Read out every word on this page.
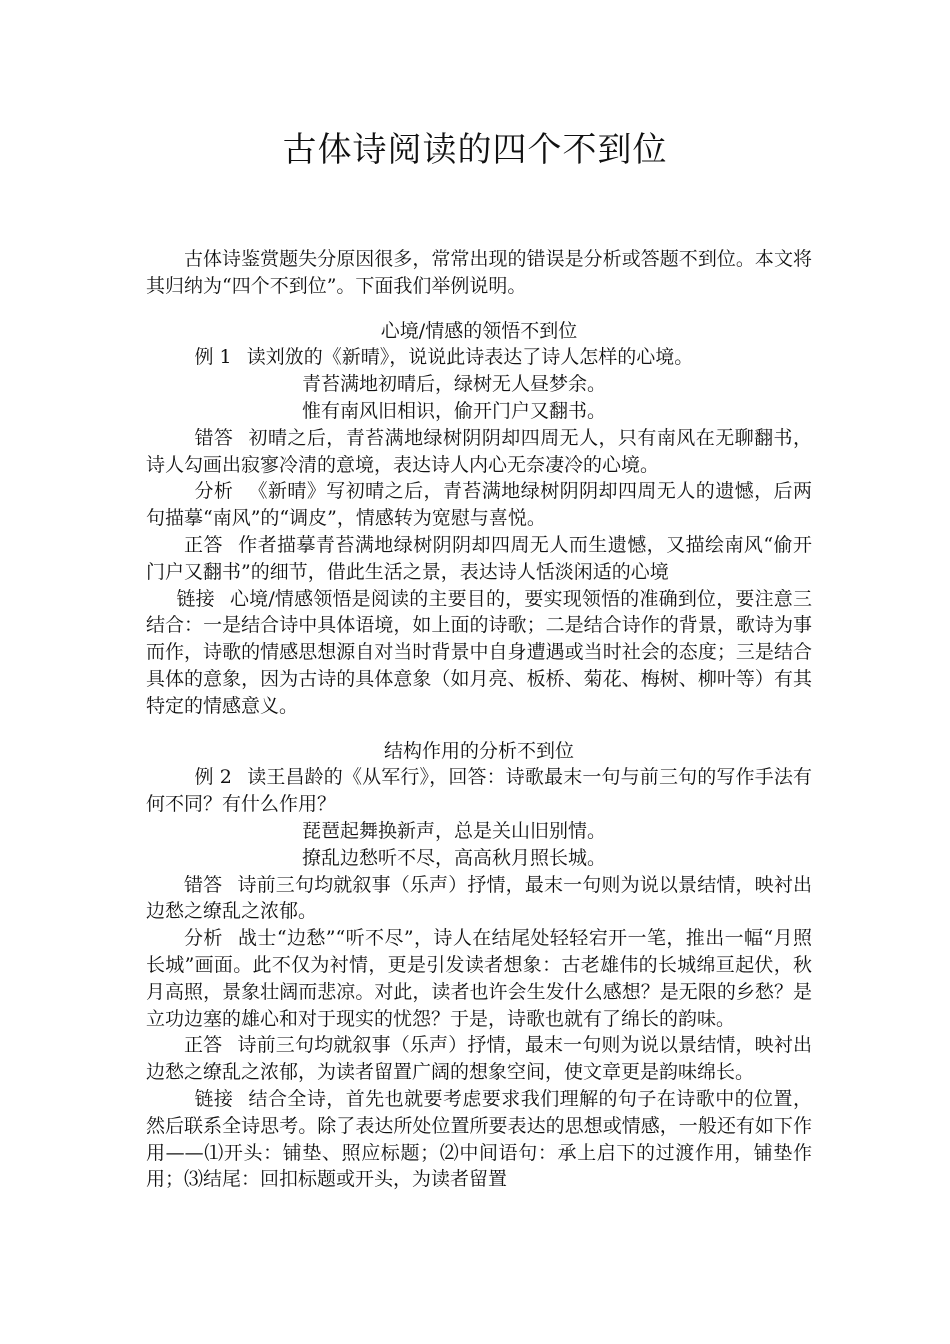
古体诗阅读的四个不到位

古体诗鉴赏题失分原因很多，常常出现的错误是分析或答题不到位。本文将其归纳为“四个不到位”。下面我们举例说明。

心境/情感的领悟不到位

例 1 读刘攽的《新晴》，说说此诗表达了诗人怎样的心境。

青苔满地初晴后，绿树无人昼梦余。

惟有南风旧相识，偷开门户又翻书。

错答 初晴之后，青苔满地绿树阴阴却四周无人，只有南风在无聊翻书，诗人勾画出寂寥冷清的意境，表达诗人内心无奈凄冷的心境。

分析 《新晴》写初晴之后，青苔满地绿树阴阴却四周无人的遗憾，后两句描摹“南风”的“调皮”，情感转为宽慰与喜悦。

正答 作者描摹青苔满地绿树阴阴却四周无人而生遗憾，又描绘南风“偷开门户又翻书”的细节，借此生活之景，表达诗人恬淡闲适的心境

链接 心境/情感领悟是阅读的主要目的，要实现领悟的准确到位，要注意三结合：一是结合诗中具体语境，如上面的诗歌；二是结合诗作的背景，歌诗为事而作，诗歌的情感思想源自对当时背景中自身遭遇或当时社会的态度；三是结合具体的意象，因为古诗的具体意象（如月亮、板桥、菊花、梅树、柳叶等）有其特定的情感意义。

结构作用的分析不到位

例 2 读王昌龄的《从军行》，回答：诗歌最末一句与前三句的写作手法有何不同？有什么作用？

琵琶起舞换新声，总是关山旧别情。

撩乱边愁听不尽，高高秋月照长城。

错答 诗前三句均就叙事（乐声）抒情，最末一句则为说以景结情，映衬出边愁之缭乱之浓郁。

分析 战士“边愁”“听不尽”，诗人在结尾处轻轻宕开一笔，推出一幅“月照长城”画面。此不仅为衬情，更是引发读者想象：古老雄伟的长城绵亘起伏，秋月高照，景象壮阔而悲凉。对此，读者也许会生发什么感想？是无限的乡愁？是立功边塞的雄心和对于现实的忧怨？于是，诗歌也就有了绵长的韵味。

正答 诗前三句均就叙事（乐声）抒情，最末一句则为说以景结情，映衬出边愁之缭乱之浓郁，为读者留置广阔的想象空间，使文章更是韵味绵长。

链接 结合全诗，首先也就要考虑要求我们理解的句子在诗歌中的位置，然后联系全诗思考。除了表达所处位置所要表达的思想或情感，一般还有如下作用——⑴开头：铺垫、照应标题；⑵中间语句：承上启下的过渡作用，铺垫作用；⑶结尾：回扣标题或开头，为读者留置
